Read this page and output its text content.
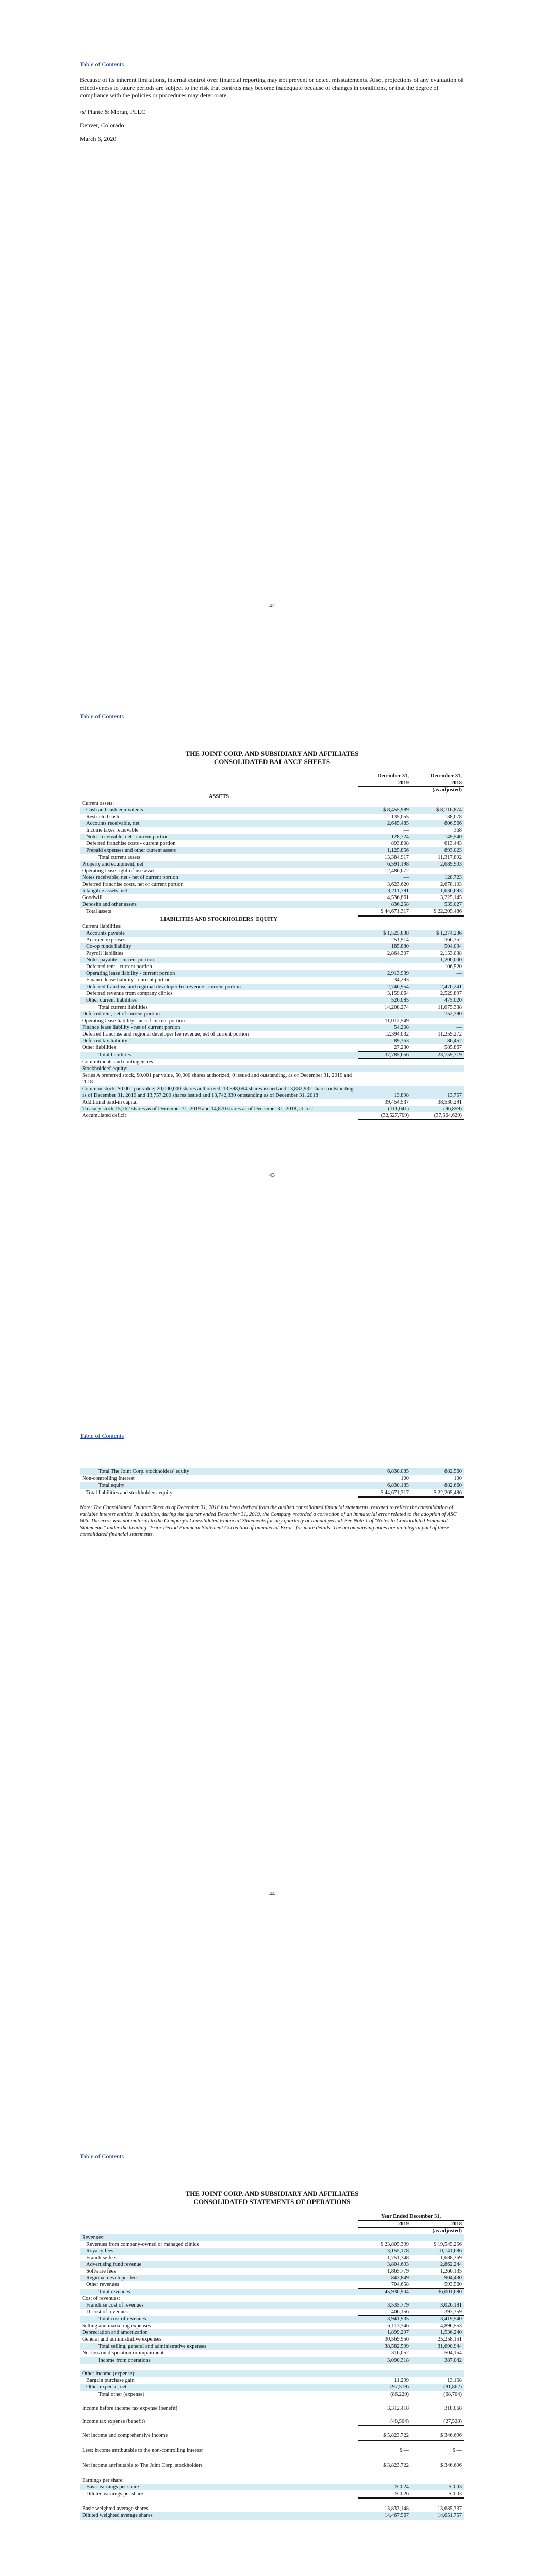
Table of Contents
Because of its inherent limitations, internal control over financial reporting may not prevent or detect misstatements. Also, projections of any evaluation of effectiveness to future periods are subject to the risk that controls may become inadequate because of changes in conditions, or that the degree of compliance with the policies or procedures may deteriorate.
/s/ Plante & Moran, PLLC
Denver, Colorado
March 6, 2020
42
Table of Contents
THE JOINT CORP. AND SUBSIDIARY AND AFFILIATES
CONSOLIDATED BALANCE SHEETS
	December 31,	December 31,
	2019	2018
		(as adjusted)
ASSETS		
Current assets:		
Cash and cash equivalents	$ 8,455,989	$ 8,716,874
Restricted cash	135,055	138,078
Accounts receivable, net	2,645,485	806,566
Income taxes receivable	—	368
Notes receivable, net - current portion	128,724	149,540
Deferred franchise costs - current portion	893,808	613,443
Prepaid expenses and other current assets	1,125,856	893,023
Total current assets	13,384,917	11,317,892
Property and equipment, net	6,591,198	2,689,903
Operating lease right-of-use asset	12,486,672	—
Notes receivable, net - net of current portion	—	128,723
Deferred franchise costs, net of current portion	3,623,620	2,678,103
Intangible assets, net	3,211,791	1,630,693
Goodwill	4,536,861	3,225,145
Deposits and other assets	836,258	535,027
Total assets	$ 44,671,317	$ 22,205,486
LIABILITIES AND STOCKHOLDERS' EQUITY		
Current liabilities:		
Accounts payable	$ 1,525,838	$ 1,274,236
Accrued expenses	251,914	366,352
Co-op funds liability	185,880	504,034
Payroll liabilities	2,864,307	2,153,038
Notes payable - current portion	—	1,200,000
Deferred rent - current portion	—	106,520
Operating lease liability - current portion	2,913,939	—
Finance lease liability - current portion	34,293	—
Deferred franchise and regional developer fee revenue - current portion	2,746,954	2,476,241
Deferred revenue from company clinics	3,159,064	2,529,897
Other current liabilities	526,085	475,020
Total current liabilities	14,208,274	11,075,338
Deferred rent, net of current portion	—	752,390
Operating lease liability - net of current portion	11,012,549	—
Finance lease liability - net of current portion	54,208	—
Deferred franchise and regional developer fee revenue, net of current portion	12,394,032	11,259,272
Deferred tax liability	89,363	86,452
Other liabilities	27,230	585,867
Total liabilities	37,785,656	23,759,319
Commitments and contingencies		
Stockholders' equity:		
Series A preferred stock, $0.001 par value, 50,000 shares authorized, 0 issued and outstanding, as of December 31, 2019 and 2018	—	—
Common stock, $0.001 par value; 20,000,000 shares authorized, 13,898,694 shares issued and 13,882,932 shares outstanding as of December 31, 2019 and 13,757,200 shares issued and 13,742,330 outstanding as of December 31, 2018	13,898	13,757
Additional paid-in capital	39,454,937	38,530,291
Treasury stock 15,762 shares as of December 31, 2019 and 14,870 shares as of December 31, 2018, at cost	(111,041)	(96,859)
Accumulated deficit	(32,527,709)	(37,564,629)
43
Table of Contents
Total The Joint Corp. stockholders' equity	6,830,085	882,560
Non-controlling Interest	100	100
Total equity	6,830,185	882,660
Total liabilities and stockholders' equity	$ 44,671,317	$ 22,205,486
Note: The Consolidated Balance Sheet as of December 31, 2018 has been derived from the audited consolidated financial statements, restated to reflect the consolidation of variable interest entities. In addition, during the quarter ended December 31, 2019, the Company recorded a correction of an immaterial error related to the adoption of ASC 606. The error was not material to the Company's Consolidated Financial Statements for any quarterly or annual period. See Note 1 of "Notes to Consolidated Financial Statements" under the heading "Prior Period Financial Statement Correction of Immaterial Error" for more details. The accompanying notes are an integral part of these consolidated financial statements.
44
Table of Contents
THE JOINT CORP. AND SUBSIDIARY AND AFFILIATES
CONSOLIDATED STATEMENTS OF OPERATIONS
	Year Ended December 31,	
	2019	2018
		(as adjusted)
Revenues:		
Revenues from company-owned or managed clinics	$ 23,805,399	$ 19,545,256
Royalty fees	13,155,178	10,141,686
Franchise fees	1,751,348	1,688,369
Advertising fund revenue	3,804,693	2,862,244
Software fees	1,865,779	1,266,135
Regional developer fees	843,849	904,430
Other revenues	704,658	593,560
Total revenues	45,930,904	36,001,680
Cost of revenues:		
Franchise cost of revenues	3,535,779	3,026,181
IT cost of revenues	406,156	393,359
Total cost of revenues	3,941,935	3,419,540
Selling and marketing expenses	6,113,346	4,896,553
Depreciation and amortization	1,899,297	1,536,240
General and administrative expenses	30,569,956	25,258,151
Total selling, general and administrative expenses	38,582,599	31,690,944
Net loss on disposition or impairment	316,052	504,154
Income from operations	3,090,318	387,042

Other income (expense):		
Bargain purchase gain	11,299	13,158
Other expense, net	(97,519)	(81,862)
Total other (expense)	(86,220)	(68,704)

Income before income tax expense (benefit)	3,312,418	318,068

Income tax expense (benefit)	(48,504)	(27,528)

Net income and comprehensive income	$ 5,823,722	$ 346,696

Less: income attributable to the non-controlling interest	$ —	$ —

Net income attributable to The Joint Corp. stockholders	$ 3,823,722	$ 346,696

Earnings per share:		
Basic earnings per share	$ 0.24	$ 0.03
Diluted earnings per share	$ 0.26	$ 0.03

Basic weighted average shares	13,833,148	13,685,337
Diluted weighted average shares	14,467,567	14,051,757
